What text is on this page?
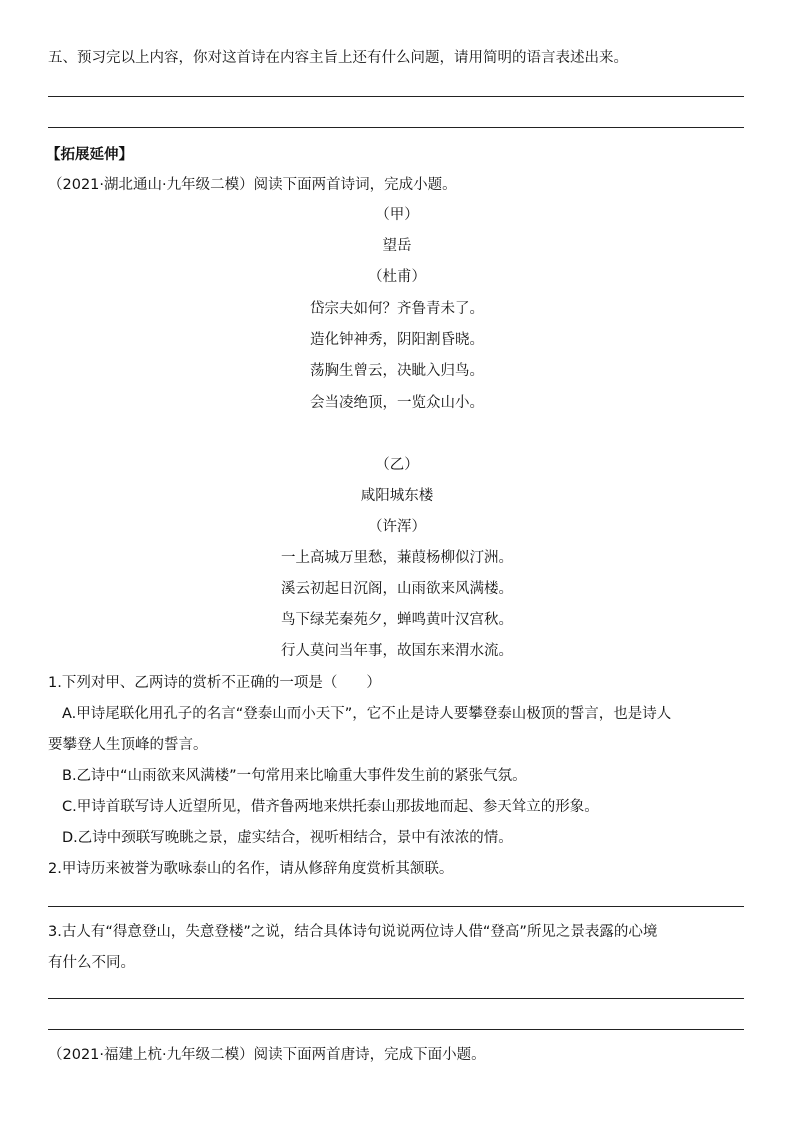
五、预习完以上内容，你对这首诗在内容主旨上还有什么问题，请用简明的语言表述出来。
【拓展延伸】
（2021·湖北通山·九年级二模）阅读下面两首诗词，完成小题。
（甲）
望岳
（杜甫）
岱宗夫如何？齐鲁青未了。
造化钟神秀，阴阳割昏晓。
荡胸生曾云，决眦入归鸟。
会当凌绝顶，一览众山小。
（乙）
咸阳城东楼
（许浑）
一上高城万里愁，蒹葭杨柳似汀洲。
溪云初起日沉阁，山雨欲来风满楼。
鸟下绿芜秦苑夕，蝉鸣黄叶汉宫秋。
行人莫问当年事，故国东来渭水流。
1.下列对甲、乙两诗的赏析不正确的一项是（　　）
A.甲诗尾联化用孔子的名言“登泰山而小天下”，它不止是诗人要攀登泰山极顶的誓言，也是诗人
要攀登人生顶峰的誓言。
B.乙诗中“山雨欲来风满楼”一句常用来比喻重大事件发生前的紧张气氛。
C.甲诗首联写诗人近望所见，借齐鲁两地来烘托泰山那拔地而起、参天耸立的形象。
D.乙诗中颈联写晚眺之景，虚实结合，视听相结合，景中有浓浓的情。
2.甲诗历来被誉为歌咏泰山的名作，请从修辞角度赏析其颔联。
3.古人有“得意登山，失意登楼”之说，结合具体诗句说说两位诗人借“登高”所见之景表露的心境
有什么不同。
（2021·福建上杭·九年级二模）阅读下面两首唐诗，完成下面小题。
